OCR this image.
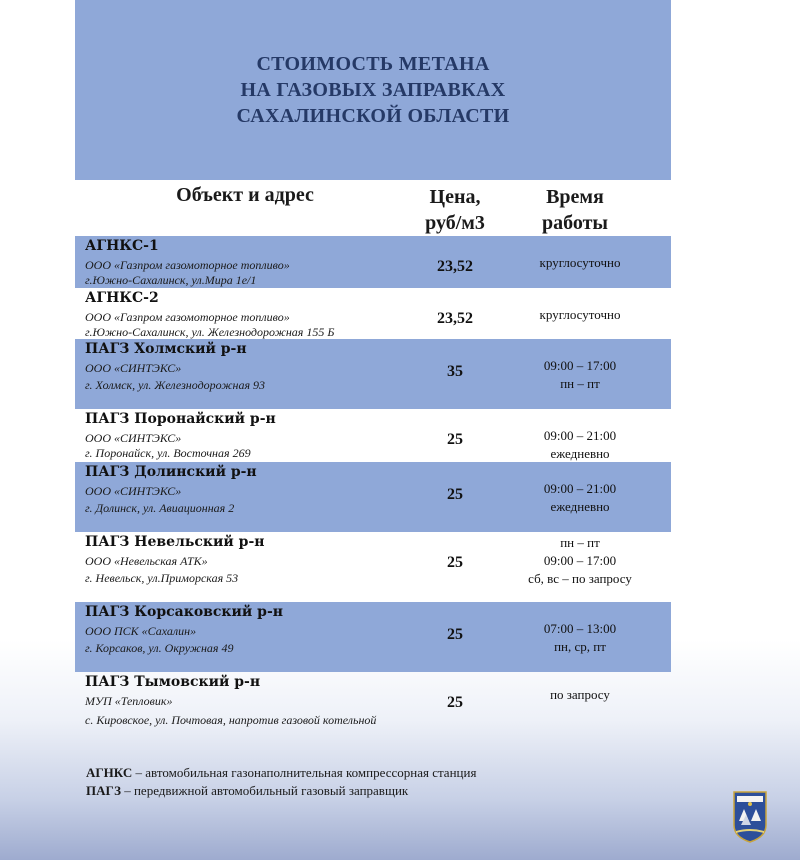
СТОИМОСТЬ МЕТАНА
НА ГАЗОВЫХ ЗАПРАВКАХ
САХАЛИНСКОЙ ОБЛАСТИ
Объект и адрес	Цена,
руб/м3
Время
работы
АГНКС-1
ООО «Газпром газомоторное топливо»
г.Южно-Сахалинск, ул.Мира 1е/1
23,52	круглосуточно
АГНКС-2
ООО «Газпром газомоторное топливо»
г.Южно-Сахалинск, ул. Железнодорожная 155 Б
23,52	круглосуточно
ПАГЗ Холмский р-н
ООО «СИНТЭКС»
г. Холмск, ул. Железнодорожная 93
35	09:00 – 17:00
пн – пт
ПАГЗ Поронайский р-н
ООО «СИНТЭКС»
г. Поронайск, ул. Восточная 269
25	09:00 – 21:00
ежедневно
ПАГЗ Долинский р-н
ООО «СИНТЭКС»
г. Долинск, ул. Авиационная 2
25	09:00 – 21:00
ежедневно
ПАГЗ Невельский р-н
ООО «Невельская АТК»
г. Невельск, ул.Приморская 53
25
пн – пт
09:00 – 17:00
сб, вс – по запросу
ПАГЗ Корсаковский р-н
ООО ПСК «Сахалин»
г. Корсаков, ул. Окружная 49
25	07:00 – 13:00
пн, ср, пт
ПАГЗ Тымовский р-н
МУП «Тепловик»
с. Кировское, ул. Почтовая, напротив газовой котельной
25	по запросу
АГНКС – автомобильная газонаполнительная компрессорная станция
ПАГЗ – передвижной автомобильный газовый заправщик
